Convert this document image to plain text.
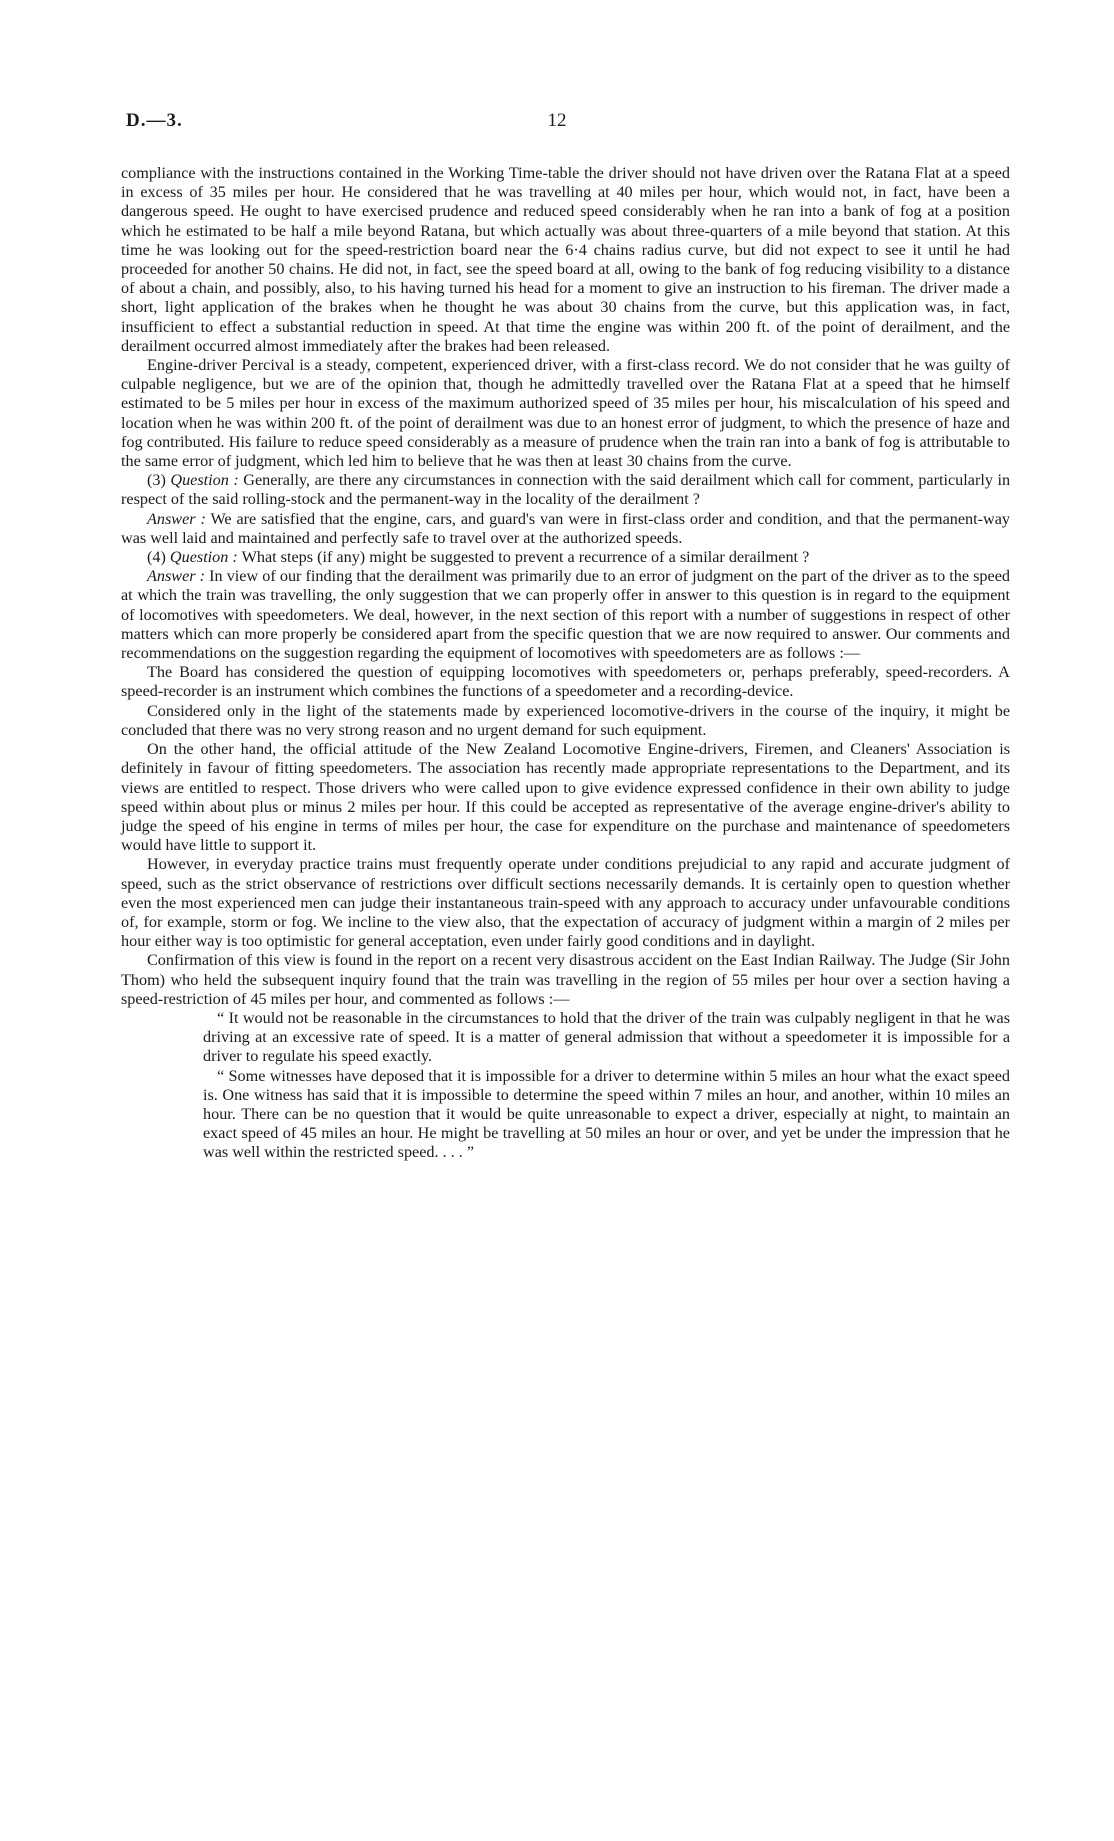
D.—3.	12

compliance with the instructions contained in the Working Time-table the driver should not have driven over the Ratana Flat at a speed in excess of 35 miles per hour. He considered that he was travelling at 40 miles per hour, which would not, in fact, have been a dangerous speed. He ought to have exercised prudence and reduced speed considerably when he ran into a bank of fog at a position which he estimated to be half a mile beyond Ratana, but which actually was about three-quarters of a mile beyond that station. At this time he was looking out for the speed-restriction board near the 6·4 chains radius curve, but did not expect to see it until he had proceeded for another 50 chains. He did not, in fact, see the speed board at all, owing to the bank of fog reducing visibility to a distance of about a chain, and possibly, also, to his having turned his head for a moment to give an instruction to his fireman. The driver made a short, light application of the brakes when he thought he was about 30 chains from the curve, but this application was, in fact, insufficient to effect a substantial reduction in speed. At that time the engine was within 200 ft. of the point of derailment, and the derailment occurred almost immediately after the brakes had been released.

Engine-driver Percival is a steady, competent, experienced driver, with a first-class record. We do not consider that he was guilty of culpable negligence, but we are of the opinion that, though he admittedly travelled over the Ratana Flat at a speed that he himself estimated to be 5 miles per hour in excess of the maximum authorized speed of 35 miles per hour, his miscalculation of his speed and location when he was within 200 ft. of the point of derailment was due to an honest error of judgment, to which the presence of haze and fog contributed. His failure to reduce speed considerably as a measure of prudence when the train ran into a bank of fog is attributable to the same error of judgment, which led him to believe that he was then at least 30 chains from the curve.

(3) Question : Generally, are there any circumstances in connection with the said derailment which call for comment, particularly in respect of the said rolling-stock and the permanent-way in the locality of the derailment ?

Answer : We are satisfied that the engine, cars, and guard's van were in first-class order and condition, and that the permanent-way was well laid and maintained and perfectly safe to travel over at the authorized speeds.

(4) Question : What steps (if any) might be suggested to prevent a recurrence of a similar derailment ?

Answer : In view of our finding that the derailment was primarily due to an error of judgment on the part of the driver as to the speed at which the train was travelling, the only suggestion that we can properly offer in answer to this question is in regard to the equipment of locomotives with speedometers. We deal, however, in the next section of this report with a number of suggestions in respect of other matters which can more properly be considered apart from the specific question that we are now required to answer. Our comments and recommendations on the suggestion regarding the equipment of locomotives with speedometers are as follows :—

The Board has considered the question of equipping locomotives with speedometers or, perhaps preferably, speed-recorders. A speed-recorder is an instrument which combines the functions of a speedometer and a recording-device.

Considered only in the light of the statements made by experienced locomotive-drivers in the course of the inquiry, it might be concluded that there was no very strong reason and no urgent demand for such equipment.

On the other hand, the official attitude of the New Zealand Locomotive Engine-drivers, Firemen, and Cleaners' Association is definitely in favour of fitting speedometers. The association has recently made appropriate representations to the Department, and its views are entitled to respect. Those drivers who were called upon to give evidence expressed confidence in their own ability to judge speed within about plus or minus 2 miles per hour. If this could be accepted as representative of the average engine-driver's ability to judge the speed of his engine in terms of miles per hour, the case for expenditure on the purchase and maintenance of speedometers would have little to support it.

However, in everyday practice trains must frequently operate under conditions prejudicial to any rapid and accurate judgment of speed, such as the strict observance of restrictions over difficult sections necessarily demands. It is certainly open to question whether even the most experienced men can judge their instantaneous train-speed with any approach to accuracy under unfavourable conditions of, for example, storm or fog. We incline to the view also, that the expectation of accuracy of judgment within a margin of 2 miles per hour either way is too optimistic for general acceptation, even under fairly good conditions and in daylight.

Confirmation of this view is found in the report on a recent very disastrous accident on the East Indian Railway. The Judge (Sir John Thom) who held the subsequent inquiry found that the train was travelling in the region of 55 miles per hour over a section having a speed-restriction of 45 miles per hour, and commented as follows :—

“ It would not be reasonable in the circumstances to hold that the driver of the train was culpably negligent in that he was driving at an excessive rate of speed. It is a matter of general admission that without a speedometer it is impossible for a driver to regulate his speed exactly.

“ Some witnesses have deposed that it is impossible for a driver to determine within 5 miles an hour what the exact speed is. One witness has said that it is impossible to determine the speed within 7 miles an hour, and another, within 10 miles an hour. There can be no question that it would be quite unreasonable to expect a driver, especially at night, to maintain an exact speed of 45 miles an hour. He might be travelling at 50 miles an hour or over, and yet be under the impression that he was well within the restricted speed. . . . ”
